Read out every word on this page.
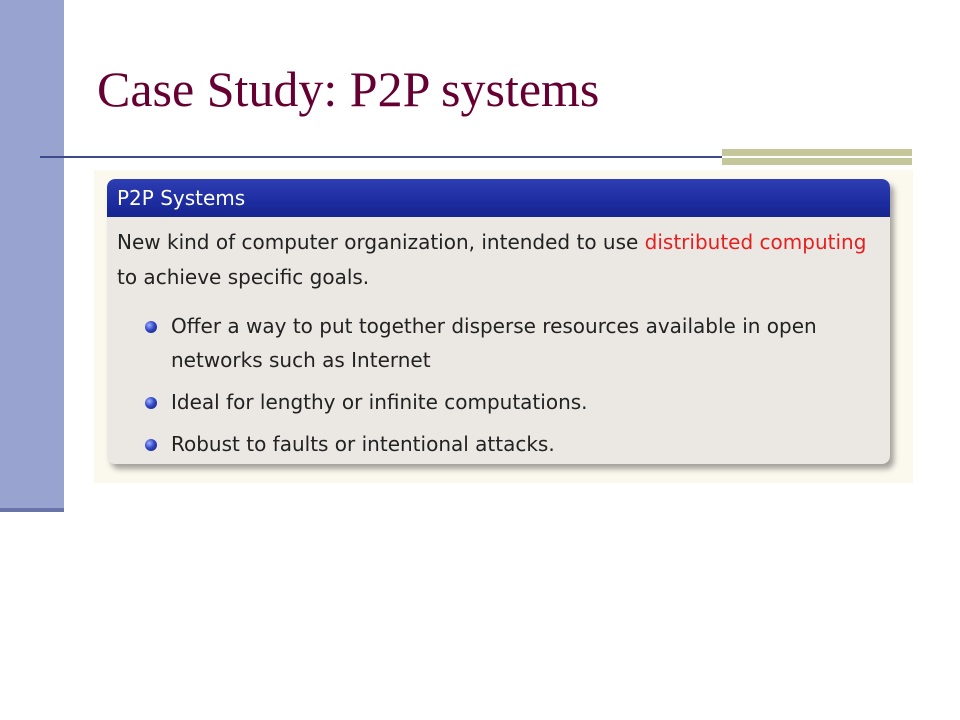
Case Study: P2P systems
P2P Systems

New kind of computer organization, intended to use distributed computing to achieve specific goals.

Offer a way to put together disperse resources available in open networks such as Internet
Ideal for lengthy or infinite computations.
Robust to faults or intentional attacks.
